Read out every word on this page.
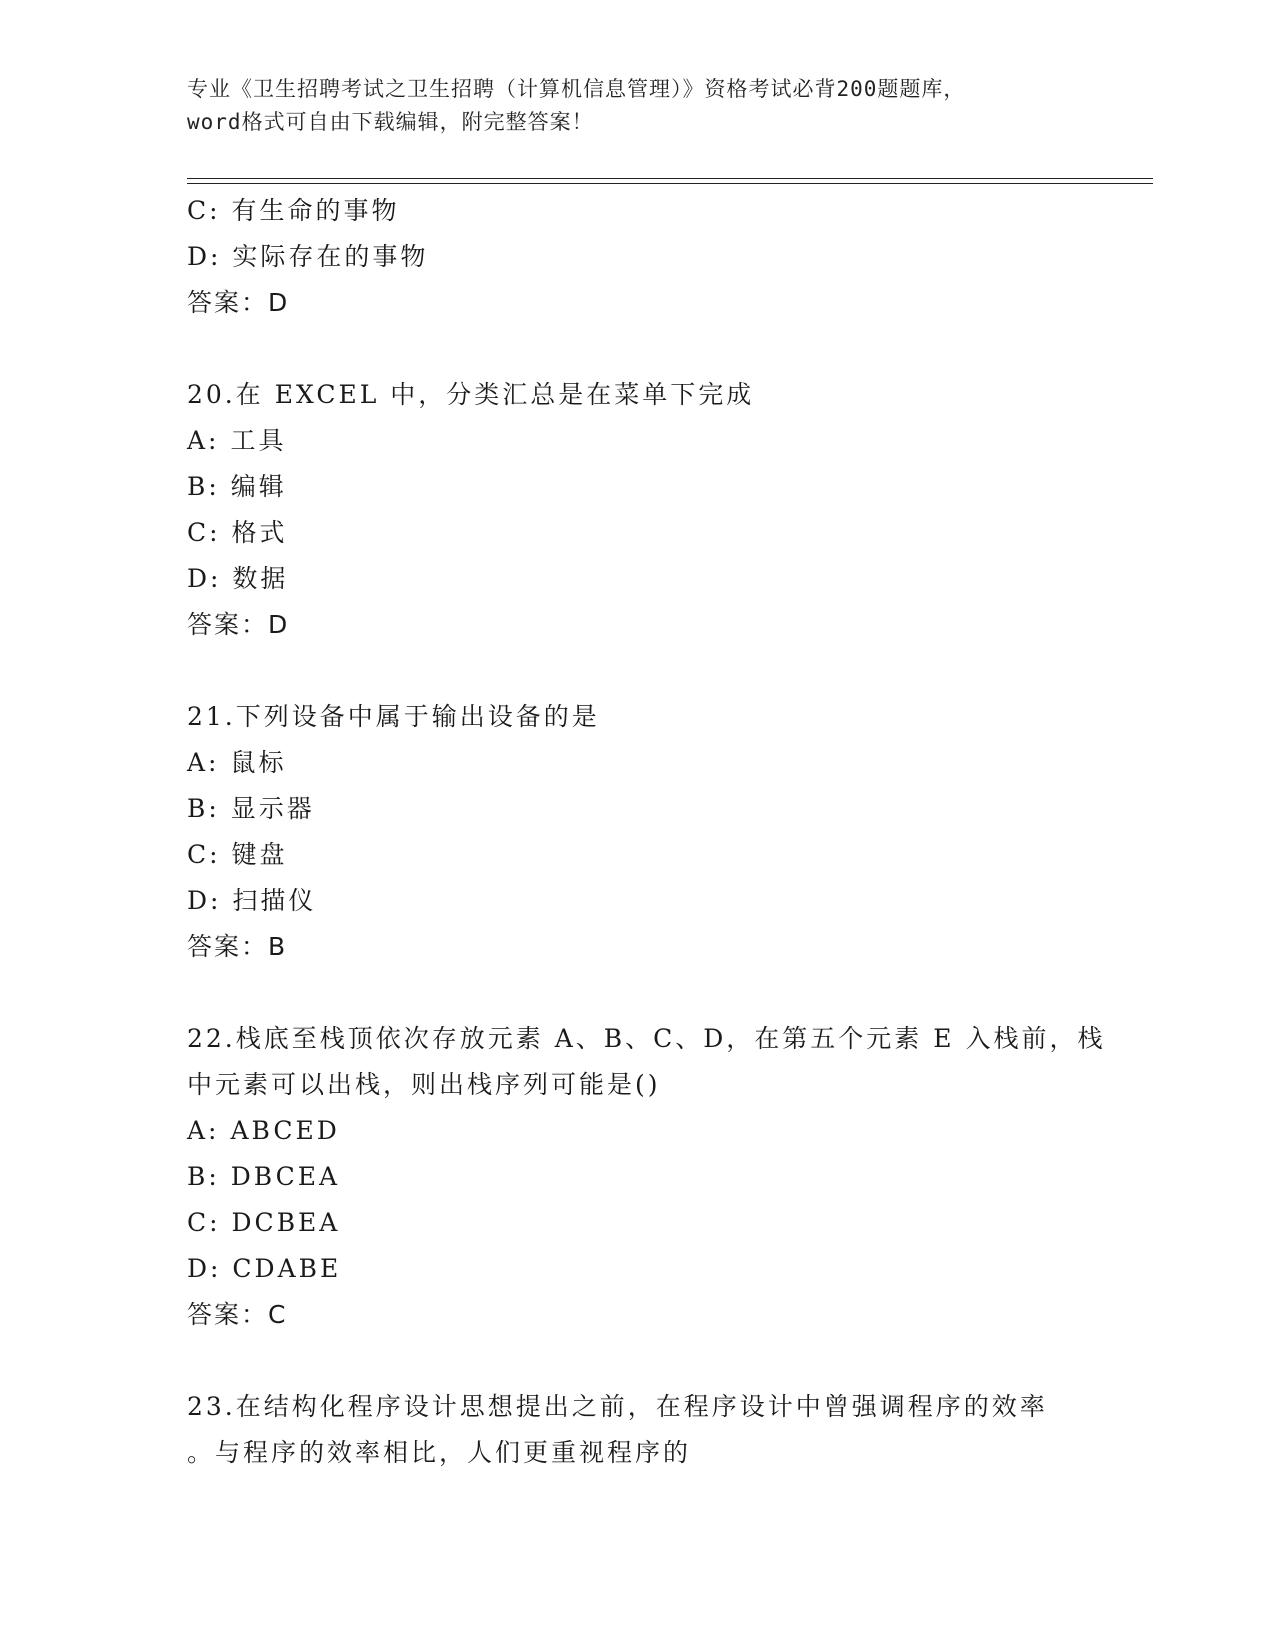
专业《卫生招聘考试之卫生招聘（计算机信息管理）》资格考试必背200题题库，
word格式可自由下载编辑，附完整答案！
C: 有生命的事物
D: 实际存在的事物
答案：D
20.在 EXCEL 中，分类汇总是在菜单下完成
A: 工具
B: 编辑
C: 格式
D: 数据
答案：D
21.下列设备中属于输出设备的是
A: 鼠标
B: 显示器
C: 键盘
D: 扫描仪
答案：B
22.栈底至栈顶依次存放元素 A、B、C、D，在第五个元素 E 入栈前，栈
中元素可以出栈，则出栈序列可能是()
A: ABCED
B: DBCEA
C: DCBEA
D: CDABE
答案：C
23.在结构化程序设计思想提出之前，在程序设计中曾强调程序的效率
。与程序的效率相比，人们更重视程序的
